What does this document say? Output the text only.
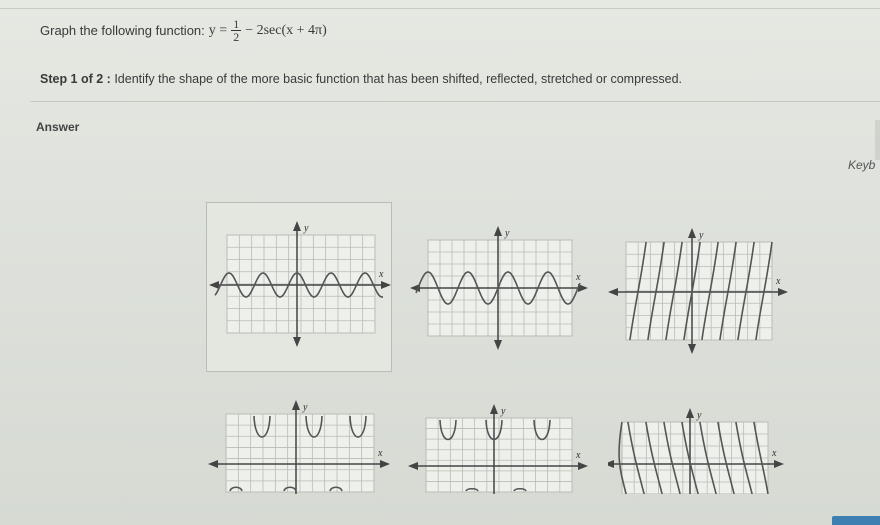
Graph the following function: $y = \frac{1}{2} - 2\sec(x + 4\pi)$
Step 1 of 2 : Identify the shape of the more basic function that has been shifted, reflected, stretched or compressed.
Answer
Keyb
x
y
x
y
x
y
x
y
x
y
x
y
